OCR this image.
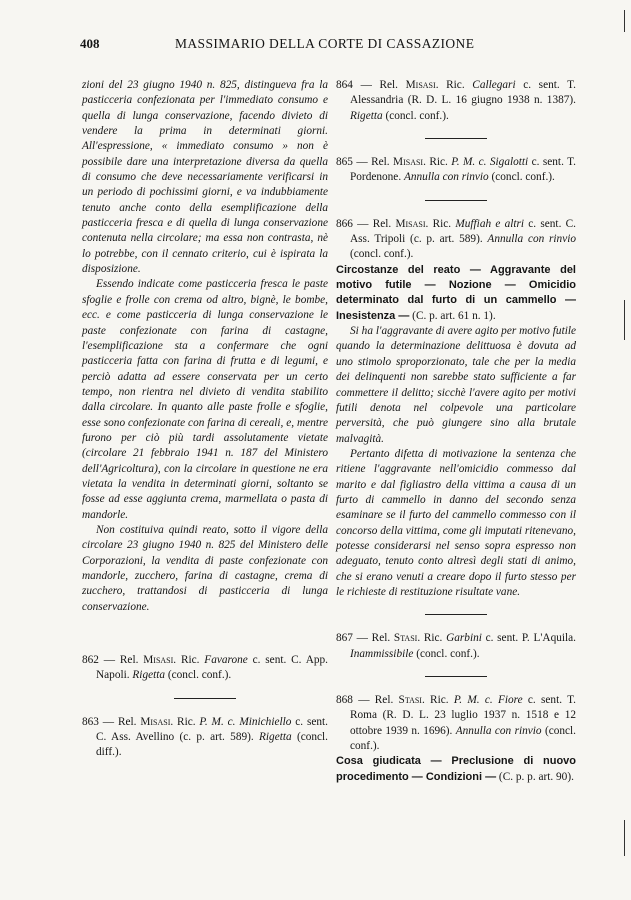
408	MASSIMARIO DELLA CORTE DI CASSAZIONE

zioni del 23 giugno 1940 n. 825, distingueva fra la pasticceria confezionata per l'immediato consumo e quella di lunga conservazione, facendo divieto di vendere la prima in determinati giorni. All'espressione, « immediato consumo » non è possibile dare una interpretazione diversa da quella di consumo che deve necessariamente verificarsi in un periodo di pochissimi giorni, e va indubbiamente tenuto anche conto della esemplificazione della pasticceria fresca e di quella di lunga conservazione contenuta nella circolare; ma essa non contrasta, nè lo potrebbe, con il cennato criterio, cui è ispirata la disposizione.

Essendo indicate come pasticceria fresca le paste sfoglie e frolle con crema od altro, bignè, le bombe, ecc. e come pasticceria di lunga conservazione le paste confezionate con farina di castagne, l'esemplificazione sta a confermare che ogni pasticceria fatta con farina di frutta e di legumi, e perciò adatta ad essere conservata per un certo tempo, non rientra nel divieto di vendita stabilito dalla circolare. In quanto alle paste frolle e sfoglie, esse sono confezionate con farina di cereali, e, mentre furono per ciò più tardi assolutamente vietate (circolare 21 febbraio 1941 n. 187 del Ministero dell'Agricoltura), con la circolare in questione ne era vietata la vendita in determinati giorni, soltanto se fosse ad esse aggiunta crema, marmellata o pasta di mandorle.

Non costituiva quindi reato, sotto il vigore della circolare 23 giugno 1940 n. 825 del Ministero delle Corporazioni, la vendita di paste confezionate con mandorle, zucchero, farina di castagne, crema di zucchero, trattandosi di pasticceria di lunga conservazione.

862 — Rel. Misasi. Ric. Favarone c. sent. C. App. Napoli. Rigetta (concl. conf.).

863 — Rel. Misasi. Ric. P. M. c. Minichiello c. sent. C. Ass. Avellino (c. p. art. 589). Rigetta (concl. diff.).

864 — Rel. Misasi. Ric. Callegari c. sent. T. Alessandria (R. D. L. 16 giugno 1938 n. 1387). Rigetta (concl. conf.).

865 — Rel. Misasi. Ric. P. M. c. Sigalotti c. sent. T. Pordenone. Annulla con rinvio (concl. conf.).

866 — Rel. Misasi. Ric. Muffiah e altri c. sent. C. Ass. Tripoli (c. p. art. 589). Annulla con rinvio (concl. conf.).

Circostanze del reato — Aggravante del motivo futile — Nozione — Omicidio determinato dal furto di un cammello — Inesistenza — (C. p. art. 61 n. 1).

Si ha l'aggravante di avere agito per motivo futile quando la determinazione delittuosa è dovuta ad uno stimolo sproporzionato, tale che per la media dei delinquenti non sarebbe stato sufficiente a far commettere il delitto; sicchè l'avere agito per motivi futili denota nel colpevole una particolare perversità, che può giungere sino alla brutale malvagità.

Pertanto difetta di motivazione la sentenza che ritiene l'aggravante nell'omicidio commesso dal marito e dal figliastro della vittima a causa di un furto di cammello in danno del secondo senza esaminare se il furto del cammello commesso con il concorso della vittima, come gli imputati ritenevano, potesse considerarsi nel senso sopra espresso non adeguato, tenuto conto altresì degli stati di animo, che si erano venuti a creare dopo il furto stesso per le richieste di restituzione risultate vane.

867 — Rel. Stasi. Ric. Garbini c. sent. P. L'Aquila. Inammissibile (concl. conf.).

868 — Rel. Stasi. Ric. P. M. c. Fiore c. sent. T. Roma (R. D. L. 23 luglio 1937 n. 1518 e 12 ottobre 1939 n. 1696). Annulla con rinvio (concl. conf.).

Cosa giudicata — Preclusione di nuovo procedimento — Condizioni — (C. p. p. art. 90).
